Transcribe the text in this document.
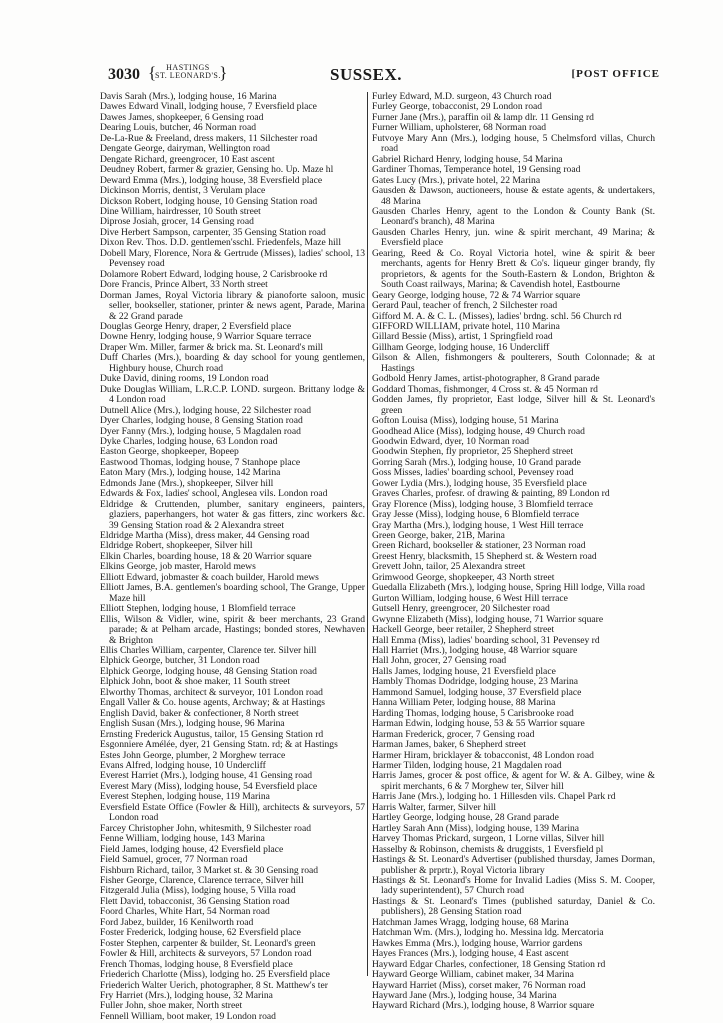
3030 { HASTINGS
ST. LEONARD'S.
}	SUSSEX.	[POST OFFICE
Davis Sarah (Mrs.), lodging house, 16 Marina
Dawes Edward Vinall, lodging house, 7 Eversfield place
Dawes James, shopkeeper, 6 Gensing road
Dearing Louis, butcher, 46 Norman road
De-La-Rue & Freeland, dress makers, 11 Silchester road
Dengate George, dairyman, Wellington road
Dengate Richard, greengrocer, 10 East ascent
Deudney Robert, farmer & grazier, Gensing ho. Up. Maze hl
Deward Emma (Mrs.), lodging house, 38 Eversfield place
Dickinson Morris, dentist, 3 Verulam place
Dickson Robert, lodging house, 10 Gensing Station road
Dine William, hairdresser, 10 South street
Diprose Josiah, grocer, 14 Gensing road
Dive Herbert Sampson, carpenter, 35 Gensing Station road
Dixon Rev. Thos. D.D. gentlemen'sschl. Friedenfels, Maze hill
Dobell Mary, Florence, Nora & Gertrude (Misses), ladies' school, 13 Pevensey road
Dolamore Robert Edward, lodging house, 2 Carisbrooke rd
Dore Francis, Prince Albert, 33 North street
Dorman James, Royal Victoria library & pianoforte saloon, music seller, bookseller, stationer, printer & news agent, Parade, Marina & 22 Grand parade
Douglas George Henry, draper, 2 Eversfield place
Downe Henry, lodging house, 9 Warrior Square terrace
Draper Wm. Miller, farmer & brick ma. St. Leonard's mill
Duff Charles (Mrs.), boarding & day school for young gentlemen, Highbury house, Church road
Duke David, dining rooms, 19 London road
Duke Douglas William, L.R.C.P. LOND. surgeon. Brittany lodge & 4 London road
Dutnell Alice (Mrs.), lodging house, 22 Silchester road
Dyer Charles, lodging house, 8 Gensing Station road
Dyer Fanny (Mrs.), lodging house, 5 Magdalen road
Dyke Charles, lodging house, 63 London road
Easton George, shopkeeper, Bopeep
Eastwood Thomas, lodging house, 7 Stanhope place
Eaton Mary (Mrs.), lodging house, 142 Marina
Edmonds Jane (Mrs.), shopkeeper, Silver hill
Edwards & Fox, ladies' school, Anglesea vils. London road
Eldridge & Cruttenden, plumber, sanitary engineers, painters, glaziers, paperhangers, hot water & gas fitters, zinc workers &c. 39 Gensing Station road & 2 Alexandra street
Eldridge Martha (Miss), dress maker, 44 Gensing road
Eldridge Robert, shopkeeper, Silver hill
Elkin Charles, boarding house, 18 & 20 Warrior square
Elkins George, job master, Harold mews
Elliott Edward, jobmaster & coach builder, Harold mews
Elliott James, B.A. gentlemen's boarding school, The Grange, Upper Maze hill
Elliott Stephen, lodging house, 1 Blomfield terrace
Ellis, Wilson & Vidler, wine, spirit & beer merchants, 23 Grand parade; & at Pelham arcade, Hastings; bonded stores, Newhaven & Brighton
Ellis Charles William, carpenter, Clarence ter. Silver hill
Elphick George, butcher, 31 London road
Elphick George, lodging house, 48 Gensing Station road
Elphick John, boot & shoe maker, 11 South street
Elworthy Thomas, architect & surveyor, 101 London road
Engall Valler & Co. house agents, Archway; & at Hastings
English David, baker & confectioner, 8 North street
English Susan (Mrs.), lodging house, 96 Marina
Ernsting Frederick Augustus, tailor, 15 Gensing Station rd
Esgonniere Amélée, dyer, 21 Gensing Statn. rd; & at Hastings
Estes John George, plumber, 2 Morghew terrace
Evans Alfred, lodging house, 10 Undercliff
Everest Harriet (Mrs.), lodging house, 41 Gensing road
Everest Mary (Miss), lodging house, 54 Eversfield place
Everest Stephen, lodging house, 119 Marina
Eversfield Estate Office (Fowler & Hill), architects & surveyors, 57 London road
Farcey Christopher John, whitesmith, 9 Silchester road
Fenne William, lodging house, 143 Marina
Field James, lodging house, 42 Eversfield place
Field Samuel, grocer, 77 Norman road
Fishburn Richard, tailor, 3 Market st. & 30 Gensing road
Fisher George, Clarence, Clarence terrace, Silver hill
Fitzgerald Julia (Miss), lodging house, 5 Villa road
Flett David, tobacconist, 36 Gensing Station road
Foord Charles, White Hart, 54 Norman road
Ford Jabez, builder, 16 Kenilworth road
Foster Frederick, lodging house, 62 Eversfield place
Foster Stephen, carpenter & builder, St. Leonard's green
Fowler & Hill, architects & surveyors, 57 London road
French Thomas, lodging house, 8 Eversfield place
Friederich Charlotte (Miss), lodging ho. 25 Eversfield place
Friederich Walter Uerich, photographer, 8 St. Matthew's ter
Fry Harriet (Mrs.), lodging house, 32 Marina
Fuller John, shoe maker, North street
Fennell William, boot maker, 19 London road
Furley Edward, M.D. surgeon, 43 Church road
Furley George, tobacconist, 29 London road
Furner Jane (Mrs.), paraffin oil & lamp dlr. 11 Gensing rd
Furner William, upholsterer, 68 Norman road
Futvoye Mary Ann (Mrs.), lodging house, 5 Chelmsford villas, Church road
Gabriel Richard Henry, lodging house, 54 Marina
Gardiner Thomas, Temperance hotel, 19 Gensing road
Gates Lucy (Mrs.), private hotel, 22 Marina
Gausden & Dawson, auctioneers, house & estate agents, & undertakers, 48 Marina
Gausden Charles Henry, agent to the London & County Bank (St. Leonard's branch), 48 Marina
Gausden Charles Henry, jun. wine & spirit merchant, 49 Marina; & Eversfield place
Gearing, Reed & Co. Royal Victoria hotel, wine & spirit & beer merchants, agents for Henry Brett & Co's. liqueur ginger brandy, fly proprietors, & agents for the South-Eastern & London, Brighton & South Coast railways, Marina; & Cavendish hotel, Eastbourne
Geary George, lodging house, 72 & 74 Warrior square
Gerard Paul, teacher of french, 2 Silchester road
Gifford M. A. & C. L. (Misses), ladies' brdng. schl. 56 Church rd
GIFFORD WILLIAM, private hotel, 110 Marina
Gillard Bessie (Miss), artist, 1 Springfield road
Gillham George, lodging house, 16 Undercliff
Gilson & Allen, fishmongers & poulterers, South Colonnade; & at Hastings
Godbold Henry James, artist-photographer, 8 Grand parade
Goddard Thomas, fishmonger, 4 Cross st. & 45 Norman rd
Godden James, fly proprietor, East lodge, Silver hill & St. Leonard's green
Gofton Louisa (Miss), lodging house, 51 Marina
Goodhead Alice (Miss), lodging house, 49 Church road
Goodwin Edward, dyer, 10 Norman road
Goodwin Stephen, fly proprietor, 25 Shepherd street
Gorring Sarah (Mrs.), lodging house, 10 Grand parade
Goss Misses, ladies' boarding school, Pevensey road
Gower Lydia (Mrs.), lodging house, 35 Eversfield place
Graves Charles, profesr. of drawing & painting, 89 London rd
Gray Florence (Miss), lodging house, 3 Blomfield terrace
Gray Jesse (Miss), lodging house, 6 Blomfield terrace
Gray Martha (Mrs.), lodging house, 1 West Hill terrace
Green George, baker, 21B, Marina
Green Richard, bookseller & stationer, 23 Norman road
Greest Henry, blacksmith, 15 Shepherd st. & Western road
Grevett John, tailor, 25 Alexandra street
Grimwood George, shopkeeper, 43 North street
Guedalla Elizabeth (Mrs.), lodging house, Spring Hill lodge, Villa road
Gurton William, lodging house, 6 West Hill terrace
Gutsell Henry, greengrocer, 20 Silchester road
Gwynne Elizabeth (Miss), lodging house, 71 Warrior square
Hackell George, beer retailer, 2 Shepherd street
Hall Emma (Miss), ladies' boarding school, 31 Pevensey rd
Hall Harriet (Mrs.), lodging house, 48 Warrior square
Hall John, grocer, 27 Gensing road
Halls James, lodging house, 21 Eversfield place
Hambly Thomas Dodridge, lodging house, 23 Marina
Hammond Samuel, lodging house, 37 Eversfield place
Hanna William Peter, lodging house, 88 Marina
Harding Thomas, lodging house, 5 Carisbrooke road
Harman Edwin, lodging house, 53 & 55 Warrior square
Harman Frederick, grocer, 7 Gensing road
Harman James, baker, 6 Shepherd street
Harmer Hiram, bricklayer & tobacconist, 48 London road
Harmer Tilden, lodging house, 21 Magdalen road
Harris James, grocer & post office, & agent for W. & A. Gilbey, wine & spirit merchants, 6 & 7 Morghew ter, Silver hill
Harris Jane (Mrs.), lodging ho. 1 Hillesden vils. Chapel Park rd
Harris Walter, farmer, Silver hill
Hartley George, lodging house, 28 Grand parade
Hartley Sarah Ann (Miss), lodging house, 139 Marina
Harvey Thomas Prickard, surgeon, 1 Lorne villas, Silver hill
Hasselby & Robinson, chemists & druggists, 1 Eversfield pl
Hastings & St. Leonard's Advertiser (published thursday, James Dorman, publisher & prprtr.), Royal Victoria library
Hastings & St. Leonard's Home for Invalid Ladies (Miss S. M. Cooper, lady superintendent), 57 Church road
Hastings & St. Leonard's Times (published saturday, Daniel & Co. publishers), 28 Gensing Station road
Hatchman James Wragg, lodging house, 68 Marina
Hatchman Wm. (Mrs.), lodging ho. Messina ldg. Mercatoria
Hawkes Emma (Mrs.), lodging house, Warrior gardens
Hayes Frances (Mrs.), lodging house, 4 East ascent
Hayward Edgar Charles, confectioner, 18 Gensing Station rd
Hayward George William, cabinet maker, 34 Marina
Hayward Harriet (Miss), corset maker, 76 Norman road
Hayward Jane (Mrs.), lodging house, 34 Marina
Hayward Richard (Mrs.), lodging house, 8 Warrior square
